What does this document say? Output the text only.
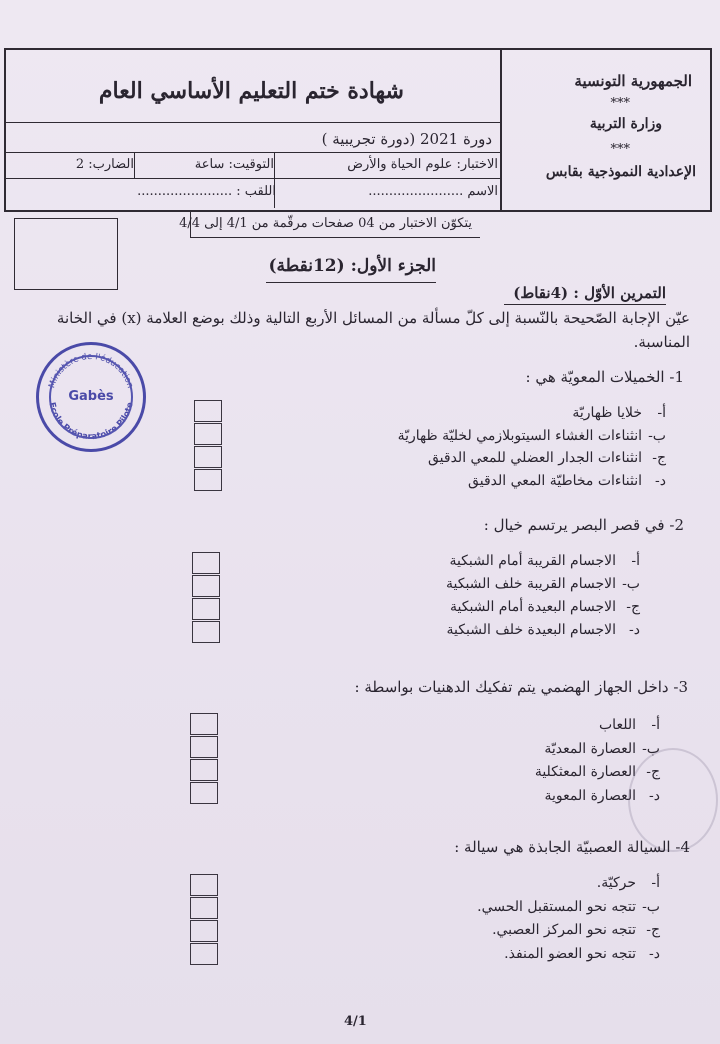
الجمهورية التونسية
***
وزارة التربية
***
الإعدادية النموذجية بقابس
شهادة ختم التعليم الأساسي العام
دورة 2021 (دورة تجريبية )
الاختبار: علوم الحياة والأرض
التوقيت: ساعة
الضارب: 2
الاسم .......................
اللقب : .......................
يتكوّن الاختبار من 04 صفحات مرقّمة من 4/1 إلى 4/4
الجزء الأول: (12نقطة)
التمرين الأوّل : (4نقاط)
عيّن الإجابة الصّحيحة بالنّسبة إلى كلّ مسألة من المسائل الأربع التالية وذلك بوضع العلامة (x) في الخانة المناسبة.
Ministère de l'éducation
Ecole Préparatoire Pilote
Gabès
1- الخميلات المعويّة هي :
أ-خلايا ظهاريّة
ب-انثناءات الغشاء السيتوبلازمي لخليّة ظهاريّة
ج-انثناءات الجدار العضلي للمعي الدقيق
د-انثناءات مخاطيّة المعي الدقيق
2- في قصر البصر يرتسم خيال :
أ-الاجسام القريبة أمام الشبكية
ب-الاجسام القريبة خلف الشبكية
ج-الاجسام البعيدة أمام الشبكية
د-الاجسام البعيدة خلف الشبكية
3- داخل الجهاز الهضمي يتم تفكيك الدهنيات بواسطة :
أ-اللعاب
ب-العصارة المعديّة
ج-العصارة المعثكلية
د-العصارة المعوية
4- السيالة العصبيّة الجابذة هي سيالة :
أ-حركيّة.
ب-تتجه نحو المستقبل الحسي.
ج-تتجه نحو المركز العصبي.
د-تتجه نحو العضو المنفذ.
4/1
